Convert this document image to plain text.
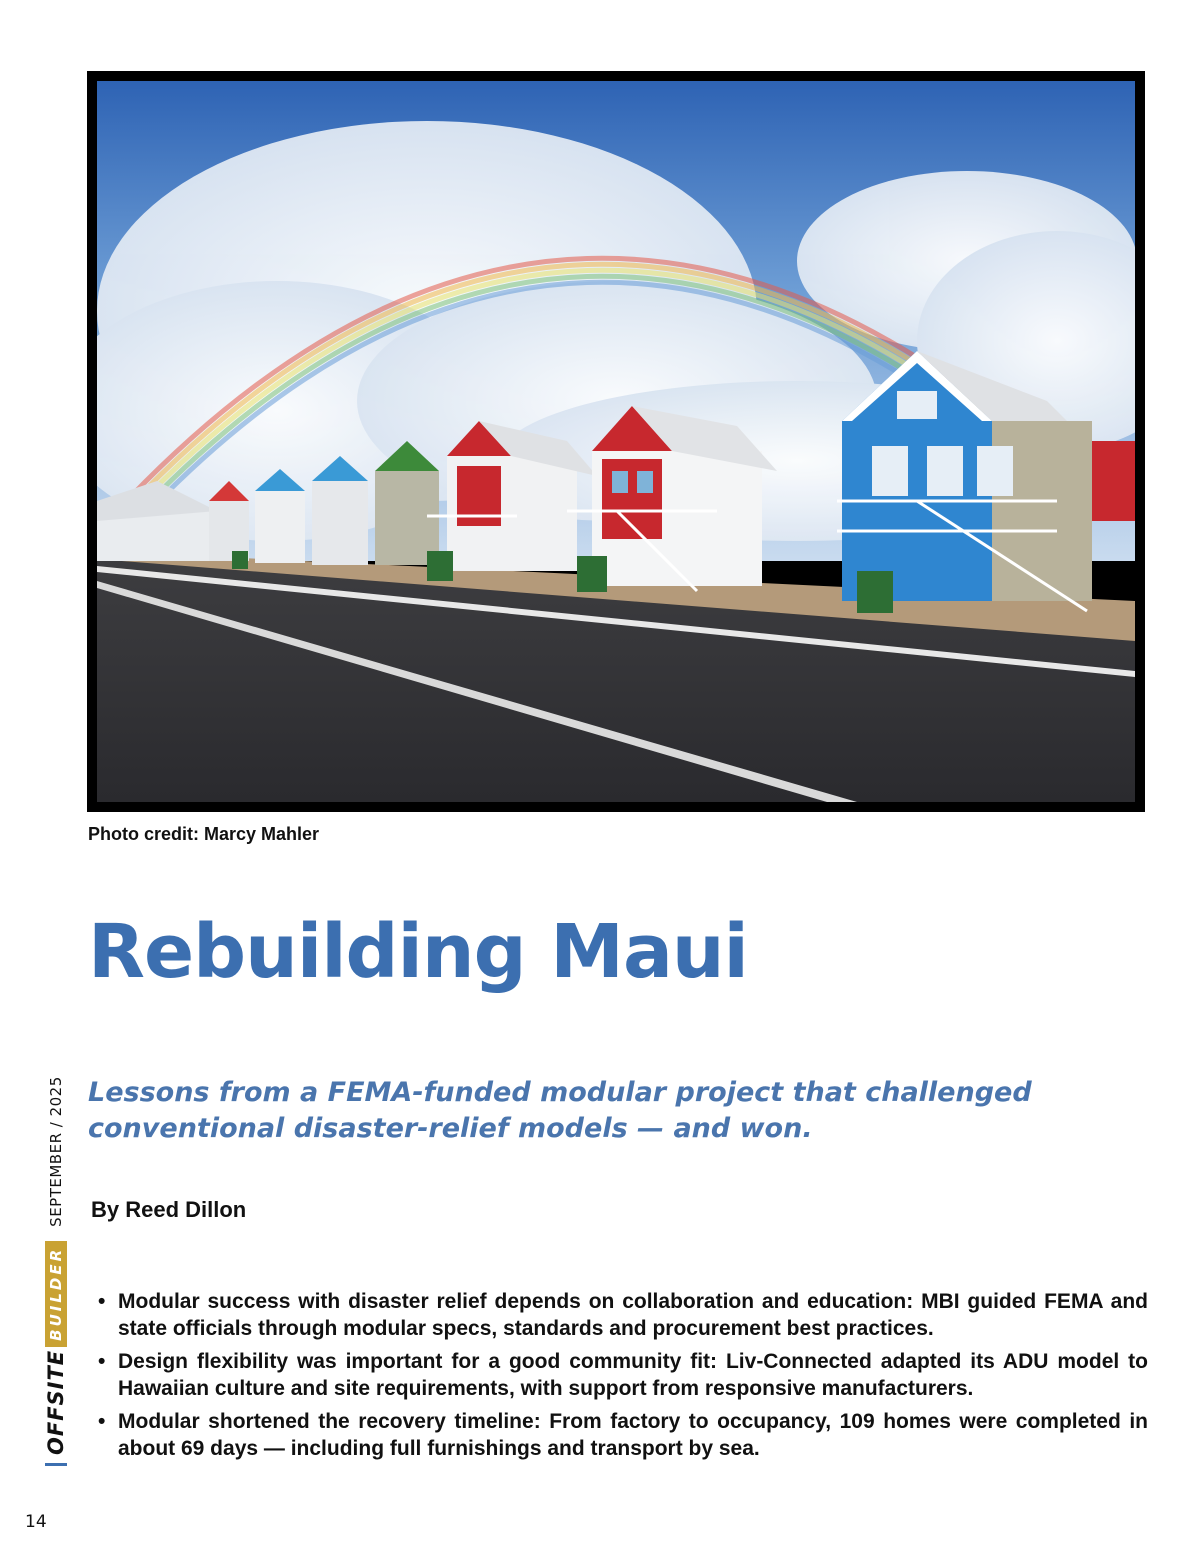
Photo credit: Marcy Mahler
Rebuilding Maui

Lessons from a FEMA-funded modular project that challenged conventional disaster-relief models — and won.

By Reed Dillon
• Modular success with disaster relief depends on collaboration and education: MBI guided FEMA and state officials through modular specs, standards and procurement best practices.
• Design flexibility was important for a good community fit: Liv-Connected adapted its ADU model to Hawaiian culture and site requirements, with support from responsive manufacturers.
• Modular shortened the recovery timeline: From factory to occupancy, 109 homes were completed in about 69 days — including full furnishings and transport by sea.
OFFSITE
BUILDER
SEPTEMBER / 2025
14
